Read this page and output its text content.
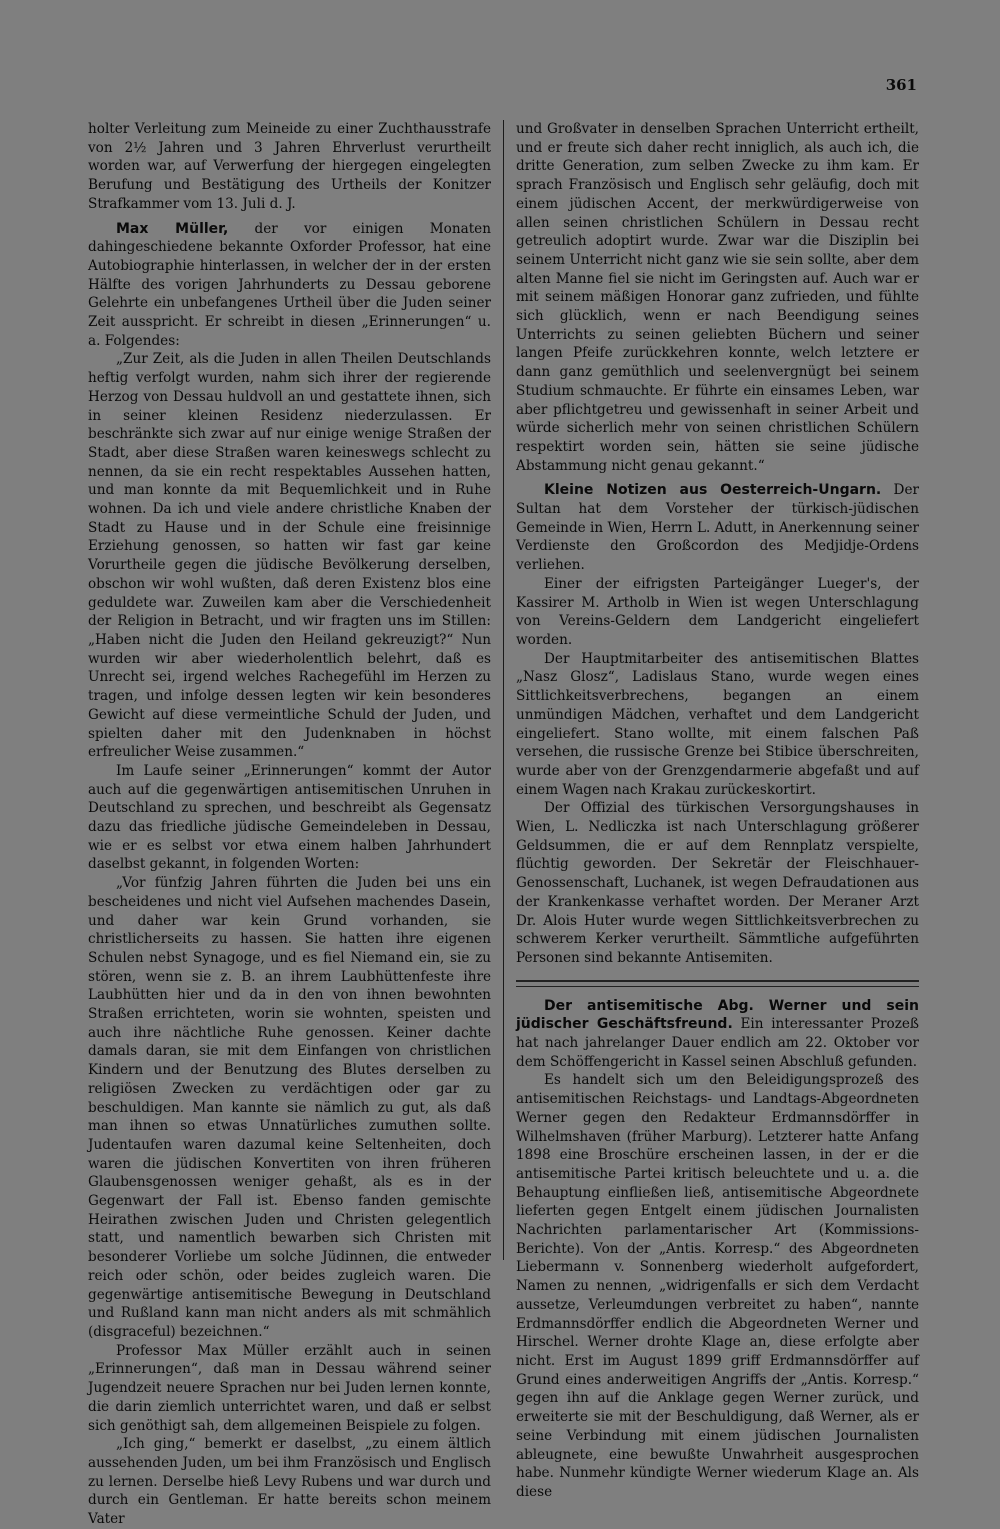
361

holter Verleitung zum Meineide zu einer Zuchthausstrafe von 2½ Jahren und 3 Jahren Ehrverlust verurtheilt worden war, auf Verwerfung der hiergegen eingelegten Berufung und Bestätigung des Urtheils der Konitzer Strafkammer vom 13. Juli d. J.

Max Müller, der vor einigen Monaten dahingeschiedene bekannte Oxforder Professor, hat eine Autobiographie hinterlassen, in welcher der in der ersten Hälfte des vorigen Jahrhunderts zu Dessau geborene Gelehrte ein unbefangenes Urtheil über die Juden seiner Zeit ausspricht. Er schreibt in diesen „Erinnerungen“ u. a. Folgendes:

„Zur Zeit, als die Juden in allen Theilen Deutschlands heftig verfolgt wurden, nahm sich ihrer der regierende Herzog von Dessau huldvoll an und gestattete ihnen, sich in seiner kleinen Residenz niederzulassen. Er beschränkte sich zwar auf nur einige wenige Straßen der Stadt, aber diese Straßen waren keineswegs schlecht zu nennen, da sie ein recht respektables Aussehen hatten, und man konnte da mit Bequemlichkeit und in Ruhe wohnen. Da ich und viele andere christliche Knaben der Stadt zu Hause und in der Schule eine freisinnige Erziehung genossen, so hatten wir fast gar keine Vorurtheile gegen die jüdische Bevölkerung derselben, obschon wir wohl wußten, daß deren Existenz blos eine geduldete war. Zuweilen kam aber die Verschiedenheit der Religion in Betracht, und wir fragten uns im Stillen: „Haben nicht die Juden den Heiland gekreuzigt?“ Nun wurden wir aber wiederholentlich belehrt, daß es Unrecht sei, irgend welches Rachegefühl im Herzen zu tragen, und infolge dessen legten wir kein besonderes Gewicht auf diese vermeintliche Schuld der Juden, und spielten daher mit den Judenknaben in höchst erfreulicher Weise zusammen.“

Im Laufe seiner „Erinnerungen“ kommt der Autor auch auf die gegenwärtigen antisemitischen Unruhen in Deutschland zu sprechen, und beschreibt als Gegensatz dazu das friedliche jüdische Gemeindeleben in Dessau, wie er es selbst vor etwa einem halben Jahrhundert daselbst gekannt, in folgenden Worten:

„Vor fünfzig Jahren führten die Juden bei uns ein bescheidenes und nicht viel Aufsehen machendes Dasein, und daher war kein Grund vorhanden, sie christlicherseits zu hassen. Sie hatten ihre eigenen Schulen nebst Synagoge, und es fiel Niemand ein, sie zu stören, wenn sie z. B. an ihrem Laubhüttenfeste ihre Laubhütten hier und da in den von ihnen bewohnten Straßen errichteten, worin sie wohnten, speisten und auch ihre nächtliche Ruhe genossen. Keiner dachte damals daran, sie mit dem Einfangen von christlichen Kindern und der Benutzung des Blutes derselben zu religiösen Zwecken zu verdächtigen oder gar zu beschuldigen. Man kannte sie nämlich zu gut, als daß man ihnen so etwas Unnatürliches zumuthen sollte. Judentaufen waren dazumal keine Seltenheiten, doch waren die jüdischen Konvertiten von ihren früheren Glaubensgenossen weniger gehaßt, als es in der Gegenwart der Fall ist. Ebenso fanden gemischte Heirathen zwischen Juden und Christen gelegentlich statt, und namentlich bewarben sich Christen mit besonderer Vorliebe um solche Jüdinnen, die entweder reich oder schön, oder beides zugleich waren. Die gegenwärtige antisemitische Bewegung in Deutschland und Rußland kann man nicht anders als mit schmählich (disgraceful) bezeichnen.“

Professor Max Müller erzählt auch in seinen „Erinnerungen“, daß man in Dessau während seiner Jugendzeit neuere Sprachen nur bei Juden lernen konnte, die darin ziemlich unterrichtet waren, und daß er selbst sich genöthigt sah, dem allgemeinen Beispiele zu folgen.

„Ich ging,“ bemerkt er daselbst, „zu einem ältlich aussehenden Juden, um bei ihm Französisch und Englisch zu lernen. Derselbe hieß Levy Rubens und war durch und durch ein Gentleman. Er hatte bereits schon meinem Vater

und Großvater in denselben Sprachen Unterricht ertheilt, und er freute sich daher recht inniglich, als auch ich, die dritte Generation, zum selben Zwecke zu ihm kam. Er sprach Französisch und Englisch sehr geläufig, doch mit einem jüdischen Accent, der merkwürdigerweise von allen seinen christlichen Schülern in Dessau recht getreulich adoptirt wurde. Zwar war die Disziplin bei seinem Unterricht nicht ganz wie sie sein sollte, aber dem alten Manne fiel sie nicht im Geringsten auf. Auch war er mit seinem mäßigen Honorar ganz zufrieden, und fühlte sich glücklich, wenn er nach Beendigung seines Unterrichts zu seinen geliebten Büchern und seiner langen Pfeife zurückkehren konnte, welch letztere er dann ganz gemüthlich und seelenvergnügt bei seinem Studium schmauchte. Er führte ein einsames Leben, war aber pflichtgetreu und gewissenhaft in seiner Arbeit und würde sicherlich mehr von seinen christlichen Schülern respektirt worden sein, hätten sie seine jüdische Abstammung nicht genau gekannt.“

Kleine Notizen aus Oesterreich-Ungarn. Der Sultan hat dem Vorsteher der türkisch-jüdischen Gemeinde in Wien, Herrn L. Adutt, in Anerkennung seiner Verdienste den Großcordon des Medjidje-Ordens verliehen.

Einer der eifrigsten Parteigänger Lueger's, der Kassirer M. Artholb in Wien ist wegen Unterschlagung von Vereins-Geldern dem Landgericht eingeliefert worden.

Der Hauptmitarbeiter des antisemitischen Blattes „Nasz Glosz“, Ladislaus Stano, wurde wegen eines Sittlichkeitsverbrechens, begangen an einem unmündigen Mädchen, verhaftet und dem Landgericht eingeliefert. Stano wollte, mit einem falschen Paß versehen, die russische Grenze bei Stibice überschreiten, wurde aber von der Grenzgendarmerie abgefaßt und auf einem Wagen nach Krakau zurückeskortirt.

Der Offizial des türkischen Versorgungshauses in Wien, L. Nedliczka ist nach Unterschlagung größerer Geldsummen, die er auf dem Rennplatz verspielte, flüchtig geworden. Der Sekretär der Fleischhauer-Genossenschaft, Luchanek, ist wegen Defraudationen aus der Krankenkasse verhaftet worden. Der Meraner Arzt Dr. Alois Huter wurde wegen Sittlichkeitsverbrechen zu schwerem Kerker verurtheilt. Sämmtliche aufgeführten Personen sind bekannte Antisemiten.

Der antisemitische Abg. Werner und sein jüdischer Geschäftsfreund. Ein interessanter Prozeß hat nach jahrelanger Dauer endlich am 22. Oktober vor dem Schöffengericht in Kassel seinen Abschluß gefunden.

Es handelt sich um den Beleidigungsprozeß des antisemitischen Reichstags- und Landtags-Abgeordneten Werner gegen den Redakteur Erdmannsdörffer in Wilhelmshaven (früher Marburg). Letzterer hatte Anfang 1898 eine Broschüre erscheinen lassen, in der er die antisemitische Partei kritisch beleuchtete und u. a. die Behauptung einfließen ließ, antisemitische Abgeordnete lieferten gegen Entgelt einem jüdischen Journalisten Nachrichten parlamentarischer Art (Kommissions-Berichte). Von der „Antis. Korresp.“ des Abgeordneten Liebermann v. Sonnenberg wiederholt aufgefordert, Namen zu nennen, „widrigenfalls er sich dem Verdacht aussetze, Verleumdungen verbreitet zu haben“, nannte Erdmannsdörffer endlich die Abgeordneten Werner und Hirschel. Werner drohte Klage an, diese erfolgte aber nicht. Erst im August 1899 griff Erdmannsdörffer auf Grund eines anderweitigen Angriffs der „Antis. Korresp.“ gegen ihn auf die Anklage gegen Werner zurück, und erweiterte sie mit der Beschuldigung, daß Werner, als er seine Verbindung mit einem jüdischen Journalisten ableugnete, eine bewußte Unwahrheit ausgesprochen habe. Nunmehr kündigte Werner wiederum Klage an. Als diese
